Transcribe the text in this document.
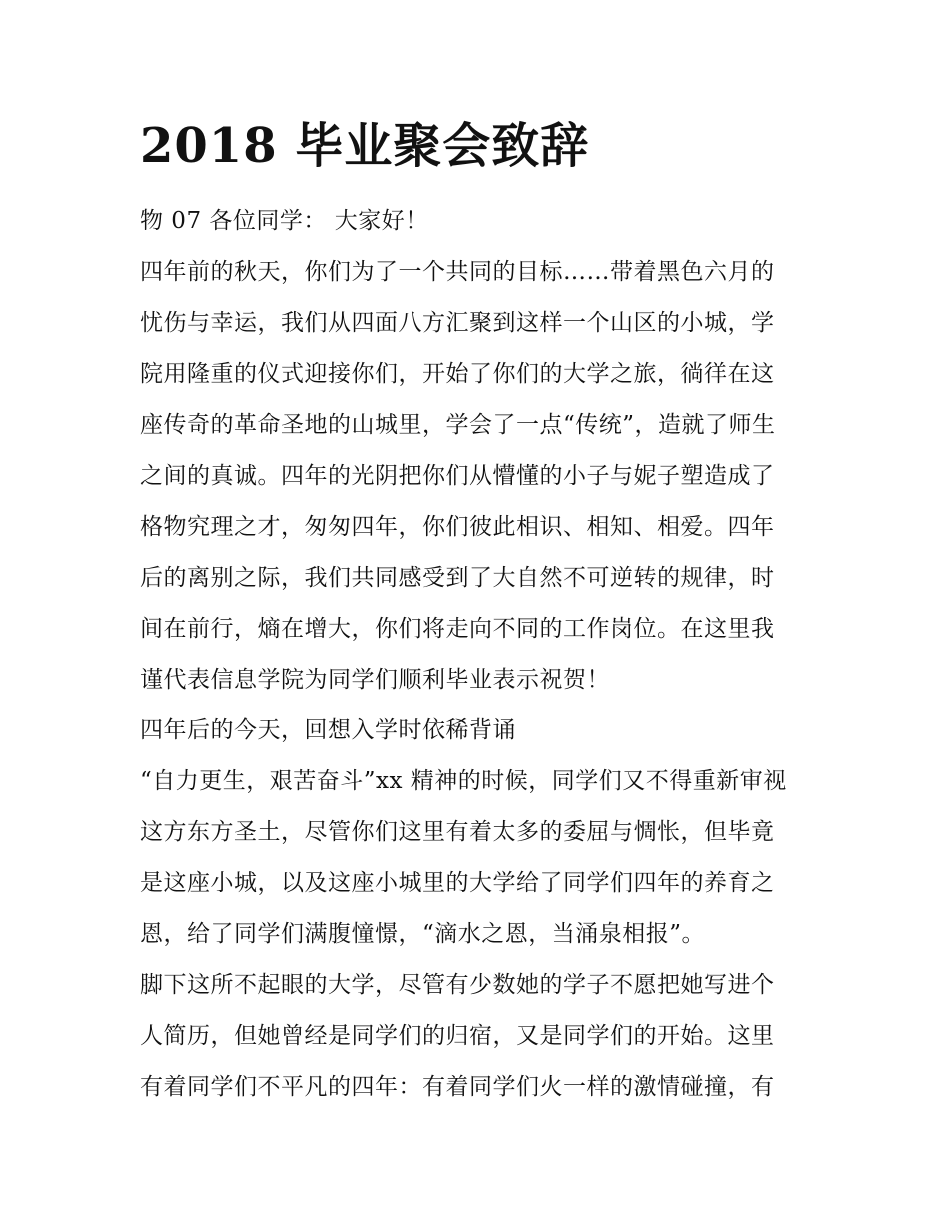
2018 毕业聚会致辞
物 07 各位同学： 大家好！
四年前的秋天，你们为了一个共同的目标……带着黑色六月的
忧伤与幸运，我们从四面八方汇聚到这样一个山区的小城，学
院用隆重的仪式迎接你们，开始了你们的大学之旅，徜徉在这
座传奇的革命圣地的山城里，学会了一点“传统”，造就了师生
之间的真诚。四年的光阴把你们从懵懂的小子与妮子塑造成了
格物究理之才，匆匆四年，你们彼此相识、相知、相爱。四年
后的离别之际，我们共同感受到了大自然不可逆转的规律，时
间在前行，熵在增大，你们将走向不同的工作岗位。在这里我
谨代表信息学院为同学们顺利毕业表示祝贺！
四年后的今天，回想入学时依稀背诵
“自力更生，艰苦奋斗”xx 精神的时候，同学们又不得重新审视
这方东方圣土，尽管你们这里有着太多的委屈与惆怅，但毕竟
是这座小城，以及这座小城里的大学给了同学们四年的养育之
恩，给了同学们满腹憧憬，“滴水之恩，当涌泉相报”。
脚下这所不起眼的大学，尽管有少数她的学子不愿把她写进个
人简历，但她曾经是同学们的归宿，又是同学们的开始。这里
有着同学们不平凡的四年：有着同学们火一样的激情碰撞，有
